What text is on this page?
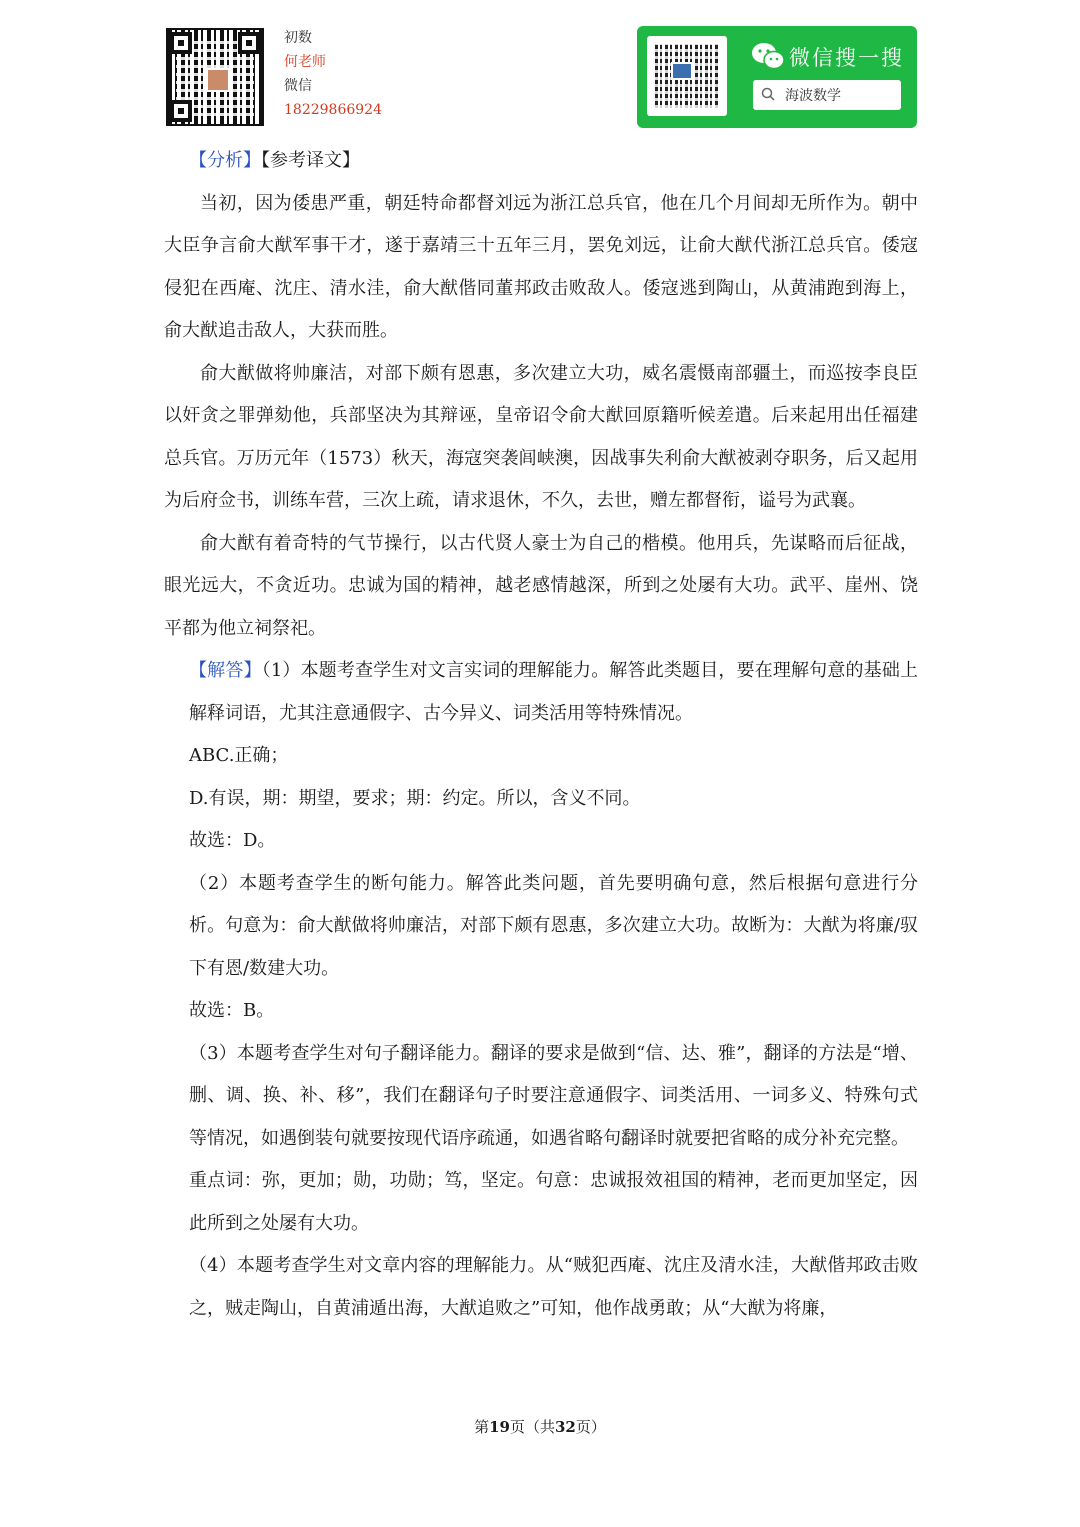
初数
何老师
微信
18229866924
微信搜一搜
海波数学

【分析】【参考译文】

当初，因为倭患严重，朝廷特命都督刘远为浙江总兵官，他在几个月间却无所作为。朝中大臣争言俞大猷军事干才，遂于嘉靖三十五年三月，罢免刘远，让俞大猷代浙江总兵官。倭寇侵犯在西庵、沈庄、清水洼，俞大猷偕同董邦政击败敌人。倭寇逃到陶山，从黄浦跑到海上，俞大猷追击敌人，大获而胜。

俞大猷做将帅廉洁，对部下颇有恩惠，多次建立大功，威名震慑南部疆土，而巡按李良臣以奸贪之罪弹劾他，兵部坚决为其辩诬，皇帝诏令俞大猷回原籍听候差遣。后来起用出任福建总兵官。万历元年（1573）秋天，海寇突袭闾峡澳，因战事失利俞大猷被剥夺职务，后又起用为后府佥书，训练车营，三次上疏，请求退休，不久，去世，赠左都督衔，谥号为武襄。

俞大猷有着奇特的气节操行，以古代贤人豪士为自己的楷模。他用兵，先谋略而后征战，眼光远大，不贪近功。忠诚为国的精神，越老感情越深，所到之处屡有大功。武平、崖州、饶平都为他立祠祭祀。

【解答】（1）本题考查学生对文言实词的理解能力。解答此类题目，要在理解句意的基础上解释词语，尤其注意通假字、古今异义、词类活用等特殊情况。

ABC.正确；

D.有误，期：期望，要求；期：约定。所以，含义不同。

故选：D。

（2）本题考查学生的断句能力。解答此类问题，首先要明确句意，然后根据句意进行分析。句意为：俞大猷做将帅廉洁，对部下颇有恩惠，多次建立大功。故断为：大猷为将廉/驭下有恩/数建大功。

故选：B。

（3）本题考查学生对句子翻译能力。翻译的要求是做到“信、达、雅”，翻译的方法是“增、删、调、换、补、移”，我们在翻译句子时要注意通假字、词类活用、一词多义、特殊句式等情况，如遇倒装句就要按现代语序疏通，如遇省略句翻译时就要把省略的成分补充完整。

重点词：弥，更加；勋，功勋；笃，坚定。句意：忠诚报效祖国的精神，老而更加坚定，因此所到之处屡有大功。

（4）本题考查学生对文章内容的理解能力。从“贼犯西庵、沈庄及清水洼，大猷偕邦政击败之，贼走陶山，自黄浦遁出海，大猷追败之”可知，他作战勇敢；从“大猷为将廉，

第19页（共32页）
